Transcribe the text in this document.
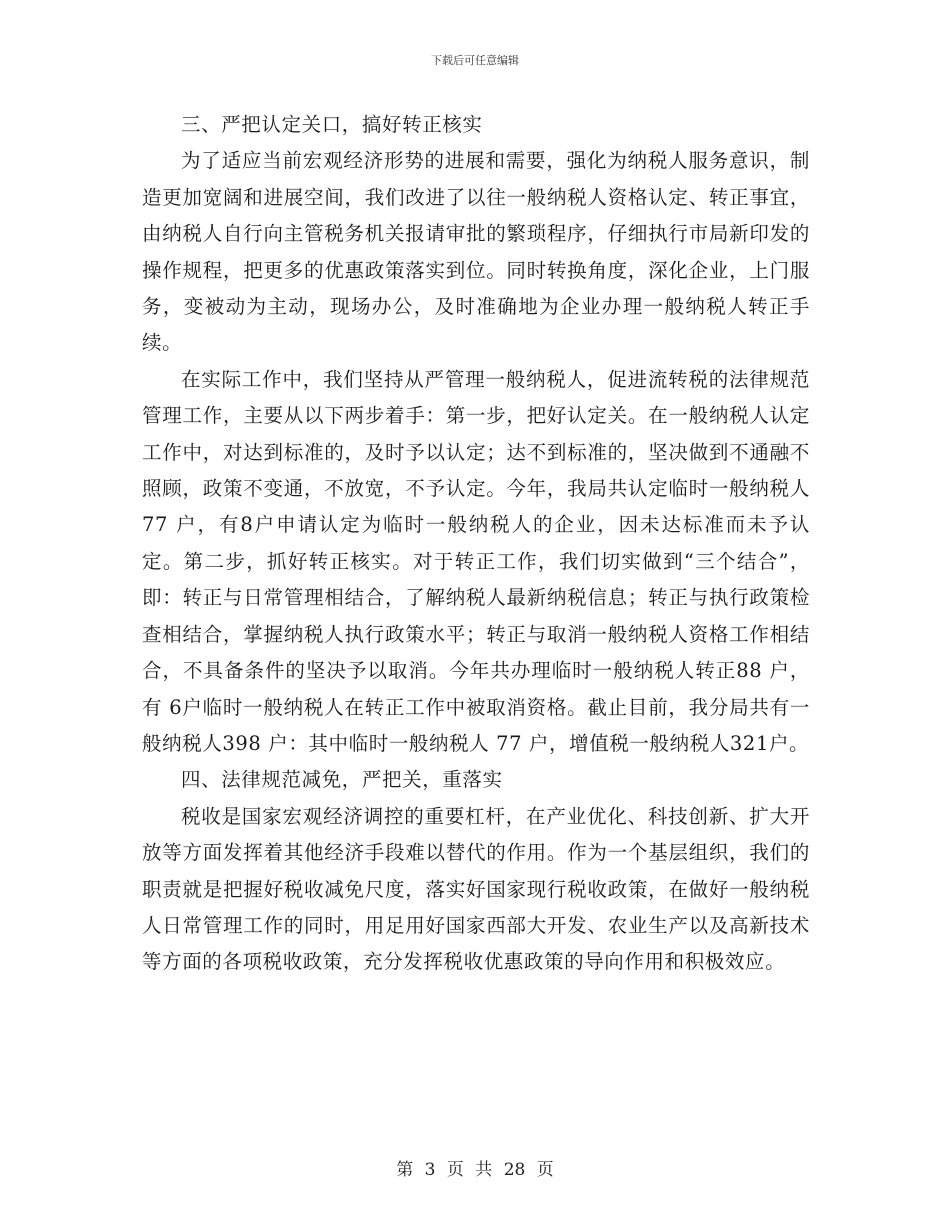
下载后可任意编辑

三、严把认定关口，搞好转正核实

为了适应当前宏观经济形势的进展和需要，强化为纳税人服务意识，制造更加宽阔和进展空间，我们改进了以往一般纳税人资格认定、转正事宜，由纳税人自行向主管税务机关报请审批的繁琐程序，仔细执行市局新印发的操作规程，把更多的优惠政策落实到位。同时转换角度，深化企业，上门服务，变被动为主动，现场办公，及时准确地为企业办理一般纳税人转正手续。

在实际工作中，我们坚持从严管理一般纳税人，促进流转税的法律规范管理工作，主要从以下两步着手：第一步，把好认定关。在一般纳税人认定工作中，对达到标准的，及时予以认定；达不到标准的，坚决做到不通融不照顾，政策不变通，不放宽，不予认定。今年，我局共认定临时一般纳税人77 户，有8户申请认定为临时一般纳税人的企业，因未达标准而未予认定。第二步，抓好转正核实。对于转正工作，我们切实做到“三个结合”，即：转正与日常管理相结合，了解纳税人最新纳税信息；转正与执行政策检查相结合，掌握纳税人执行政策水平；转正与取消一般纳税人资格工作相结合，不具备条件的坚决予以取消。今年共办理临时一般纳税人转正88 户，有 6户临时一般纳税人在转正工作中被取消资格。截止目前，我分局共有一般纳税人398 户：其中临时一般纳税人 77 户，增值税一般纳税人321户。

四、法律规范减免，严把关，重落实

税收是国家宏观经济调控的重要杠杆，在产业优化、科技创新、扩大开放等方面发挥着其他经济手段难以替代的作用。作为一个基层组织，我们的职责就是把握好税收减免尺度，落实好国家现行税收政策，在做好一般纳税人日常管理工作的同时，用足用好国家西部大开发、农业生产以及高新技术等方面的各项税收政策，充分发挥税收优惠政策的导向作用和积极效应。

第 3 页 共 28 页
